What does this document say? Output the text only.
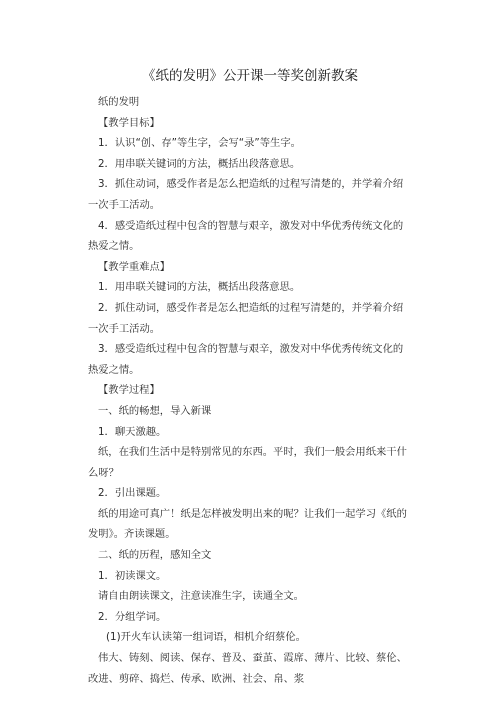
《纸的发明》公开课一等奖创新教案

纸的发明

【教学目标】

1．认识“创、存”等生字，会写“录”等生字。

2．用串联关键词的方法，概括出段落意思。

3．抓住动词，感受作者是怎么把造纸的过程写清楚的，并学着介绍

一次手工活动。

4．感受造纸过程中包含的智慧与艰辛，激发对中华优秀传统文化的

热爱之情。

【教学重难点】

1．用串联关键词的方法，概括出段落意思。

2．抓住动词，感受作者是怎么把造纸的过程写清楚的，并学着介绍

一次手工活动。

3．感受造纸过程中包含的智慧与艰辛，激发对中华优秀传统文化的

热爱之情。

【教学过程】

一、纸的畅想，导入新课

1．聊天激趣。

纸，在我们生活中是特别常见的东西。平时，我们一般会用纸来干什

么呀？

2．引出课题。

纸的用途可真广！纸是怎样被发明出来的呢？让我们一起学习《纸的

发明》。齐读课题。

二、纸的历程，感知全文

1．初读课文。

请自由朗读课文，注意读准生字，读通全文。

2．分组学词。

(1)开火车认读第一组词语，相机介绍蔡伦。

伟大、铸刻、阅读、保存、普及、蚕茧、霞席、薄片、比较、蔡伦、

改进、剪碎、捣烂、传承、欧洲、社会、帛、浆
